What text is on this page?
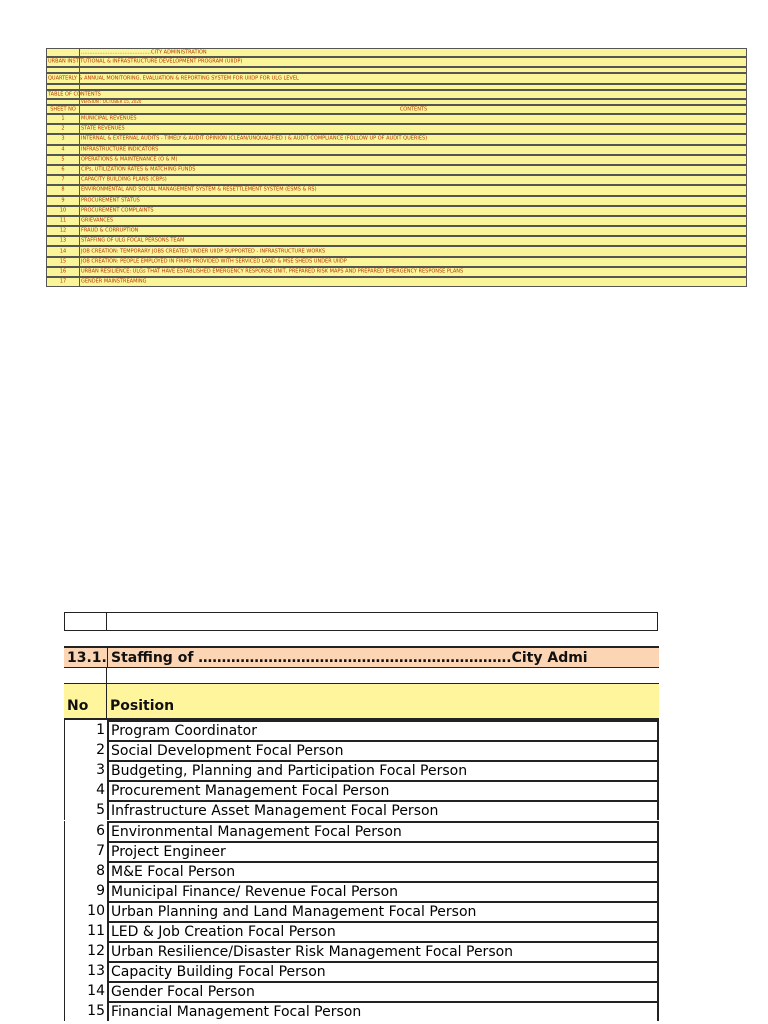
……………………………………CITY ADMINISTRATION
URBAN INSTITUTIONAL & INFRASTRUCTURE DEVELOPMENT PROGRAM (UIIDP)
QUARTERLY & ANNUAL MONITORING, EVALUATION & REPORTING SYSTEM FOR UIIDP FOR ULG LEVEL
TABLE OF CONTENTS
VERSION : OCTOBER 15, 2020
SHEET NO	CONTENTS
1	MUNICIPAL REVENUES
2	STATE REVENUES
3	INTERNAL & EXTERNAL AUDITS - TIMELY & AUDIT OPINION (CLEAN/UNQUALIFIED ) & AUDIT COMPLIANCE (FOLLOW UP OF AUDIT QUERIES)
4	INFRASTRUCTURE INDICATORS
5	OPERATIONS & MAINTENANCE (O & M)
6	CIPs, UTILIZATION RATES & MATCHING FUNDS
7	CAPACITY BUILDING PLANS (CBPs)
8	ENVIRONMENTAL AND SOCIAL MANAGEMENT SYSTEM & RESETTLEMENT SYSTEM (ESMS & RS)
9	PROCUREMENT STATUS
10	PROCUREMENT COMPLAINTS
11	GRIEVANCES
12	FRAUD & CORRUPTION
13	STAFFING OF ULG FOCAL PERSONS TEAM
14	JOB CREATION: TEMPORARY JOBS CREATED UNDER UIIDP SUPPORTED - INFRASTRUCTURE WORKS
15	JOB CREATION: PEOPLE EMPLOYED IN FIRMS PROVIDED WITH SERVICED LAND & MSE SHEDS UNDER UIIDP
16	URBAN RESILIENCE: ULGs THAT HAVE ESTABLISHED EMERGENCY RESPONSE UNIT, PREPARED RISK MAPS AND PREPARED EMERGENCY RESPONSE PLANS
17	GENDER MAINSTREAMING
13.1. Staffing of ………………………………………………………….City Admi
No Position
1 Program Coordinator
2 Social Development Focal Person
3 Budgeting, Planning and Participation Focal Person
4 Procurement Management Focal Person
5 Infrastructure Asset Management Focal Person
6 Environmental Management Focal Person
7 Project Engineer
8 M&E Focal Person
9 Municipal Finance/ Revenue Focal Person
10 Urban Planning and Land Management Focal Person
11 LED & Job Creation Focal Person
12 Urban Resilience/Disaster Risk Management Focal Person
13 Capacity Building Focal Person
14 Gender Focal Person
15 Financial Management Focal Person
